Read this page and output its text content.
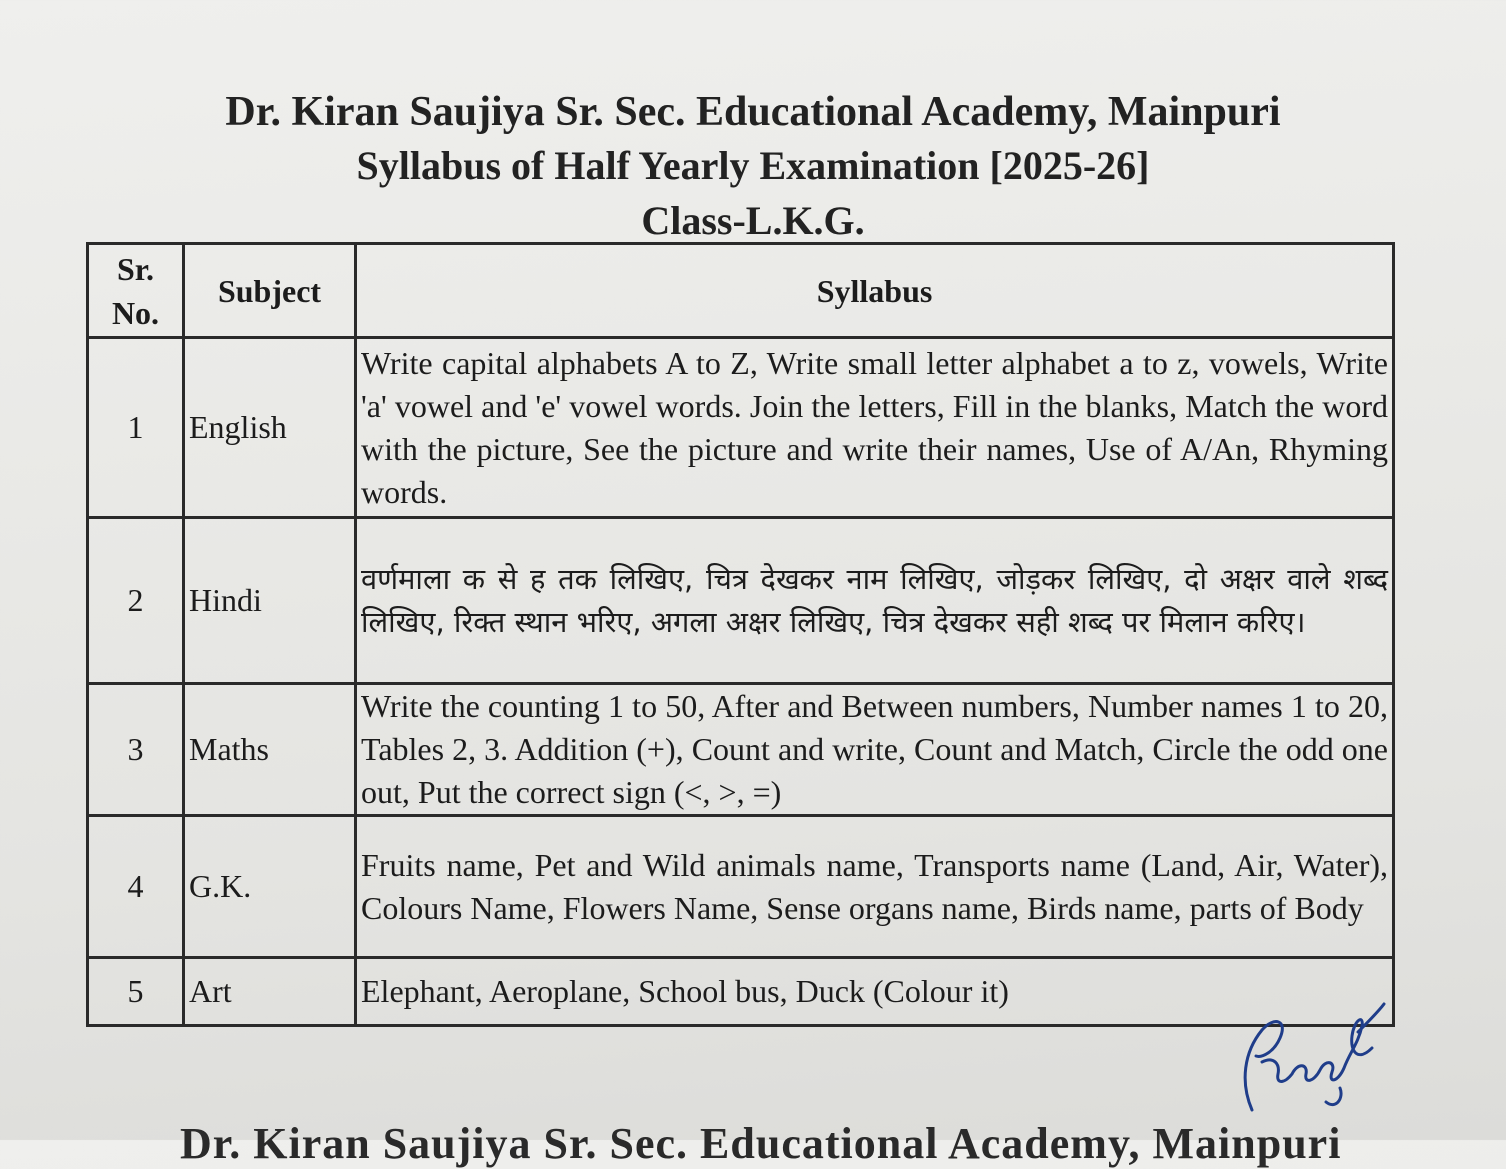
Dr. Kiran Saujiya Sr. Sec. Educational Academy, Mainpuri
Syllabus of Half Yearly Examination [2025-26]
Class-L.K.G.
Sr.
No.	Subject	Syllabus
1	English	Write capital alphabets A to Z, Write small letter alphabet a to z, vowels, Write 'a' vowel and 'e' vowel words. Join the letters, Fill in the blanks, Match the word with the picture, See the picture and write their names, Use of A/An, Rhyming words.
2	Hindi	वर्णमाला क से ह तक लिखिए, चित्र देखकर नाम लिखिए, जोड़कर लिखिए, दो अक्षर वाले शब्द लिखिए, रिक्त स्थान भरिए, अगला अक्षर लिखिए, चित्र देखकर सही शब्द पर मिलान करिए।
3	Maths	Write the counting 1 to 50, After and Between numbers, Number names 1 to 20, Tables 2, 3. Addition (+), Count and write, Count and Match, Circle the odd one out, Put the correct sign (<, >, =)
4	G.K.	Fruits name, Pet and Wild animals name, Transports name (Land, Air, Water), Colours Name, Flowers Name, Sense organs name, Birds name, parts of Body
5	Art	Elephant, Aeroplane, School bus, Duck (Colour it)
Dr. Kiran Saujiya Sr. Sec. Educational Academy, Mainpuri
